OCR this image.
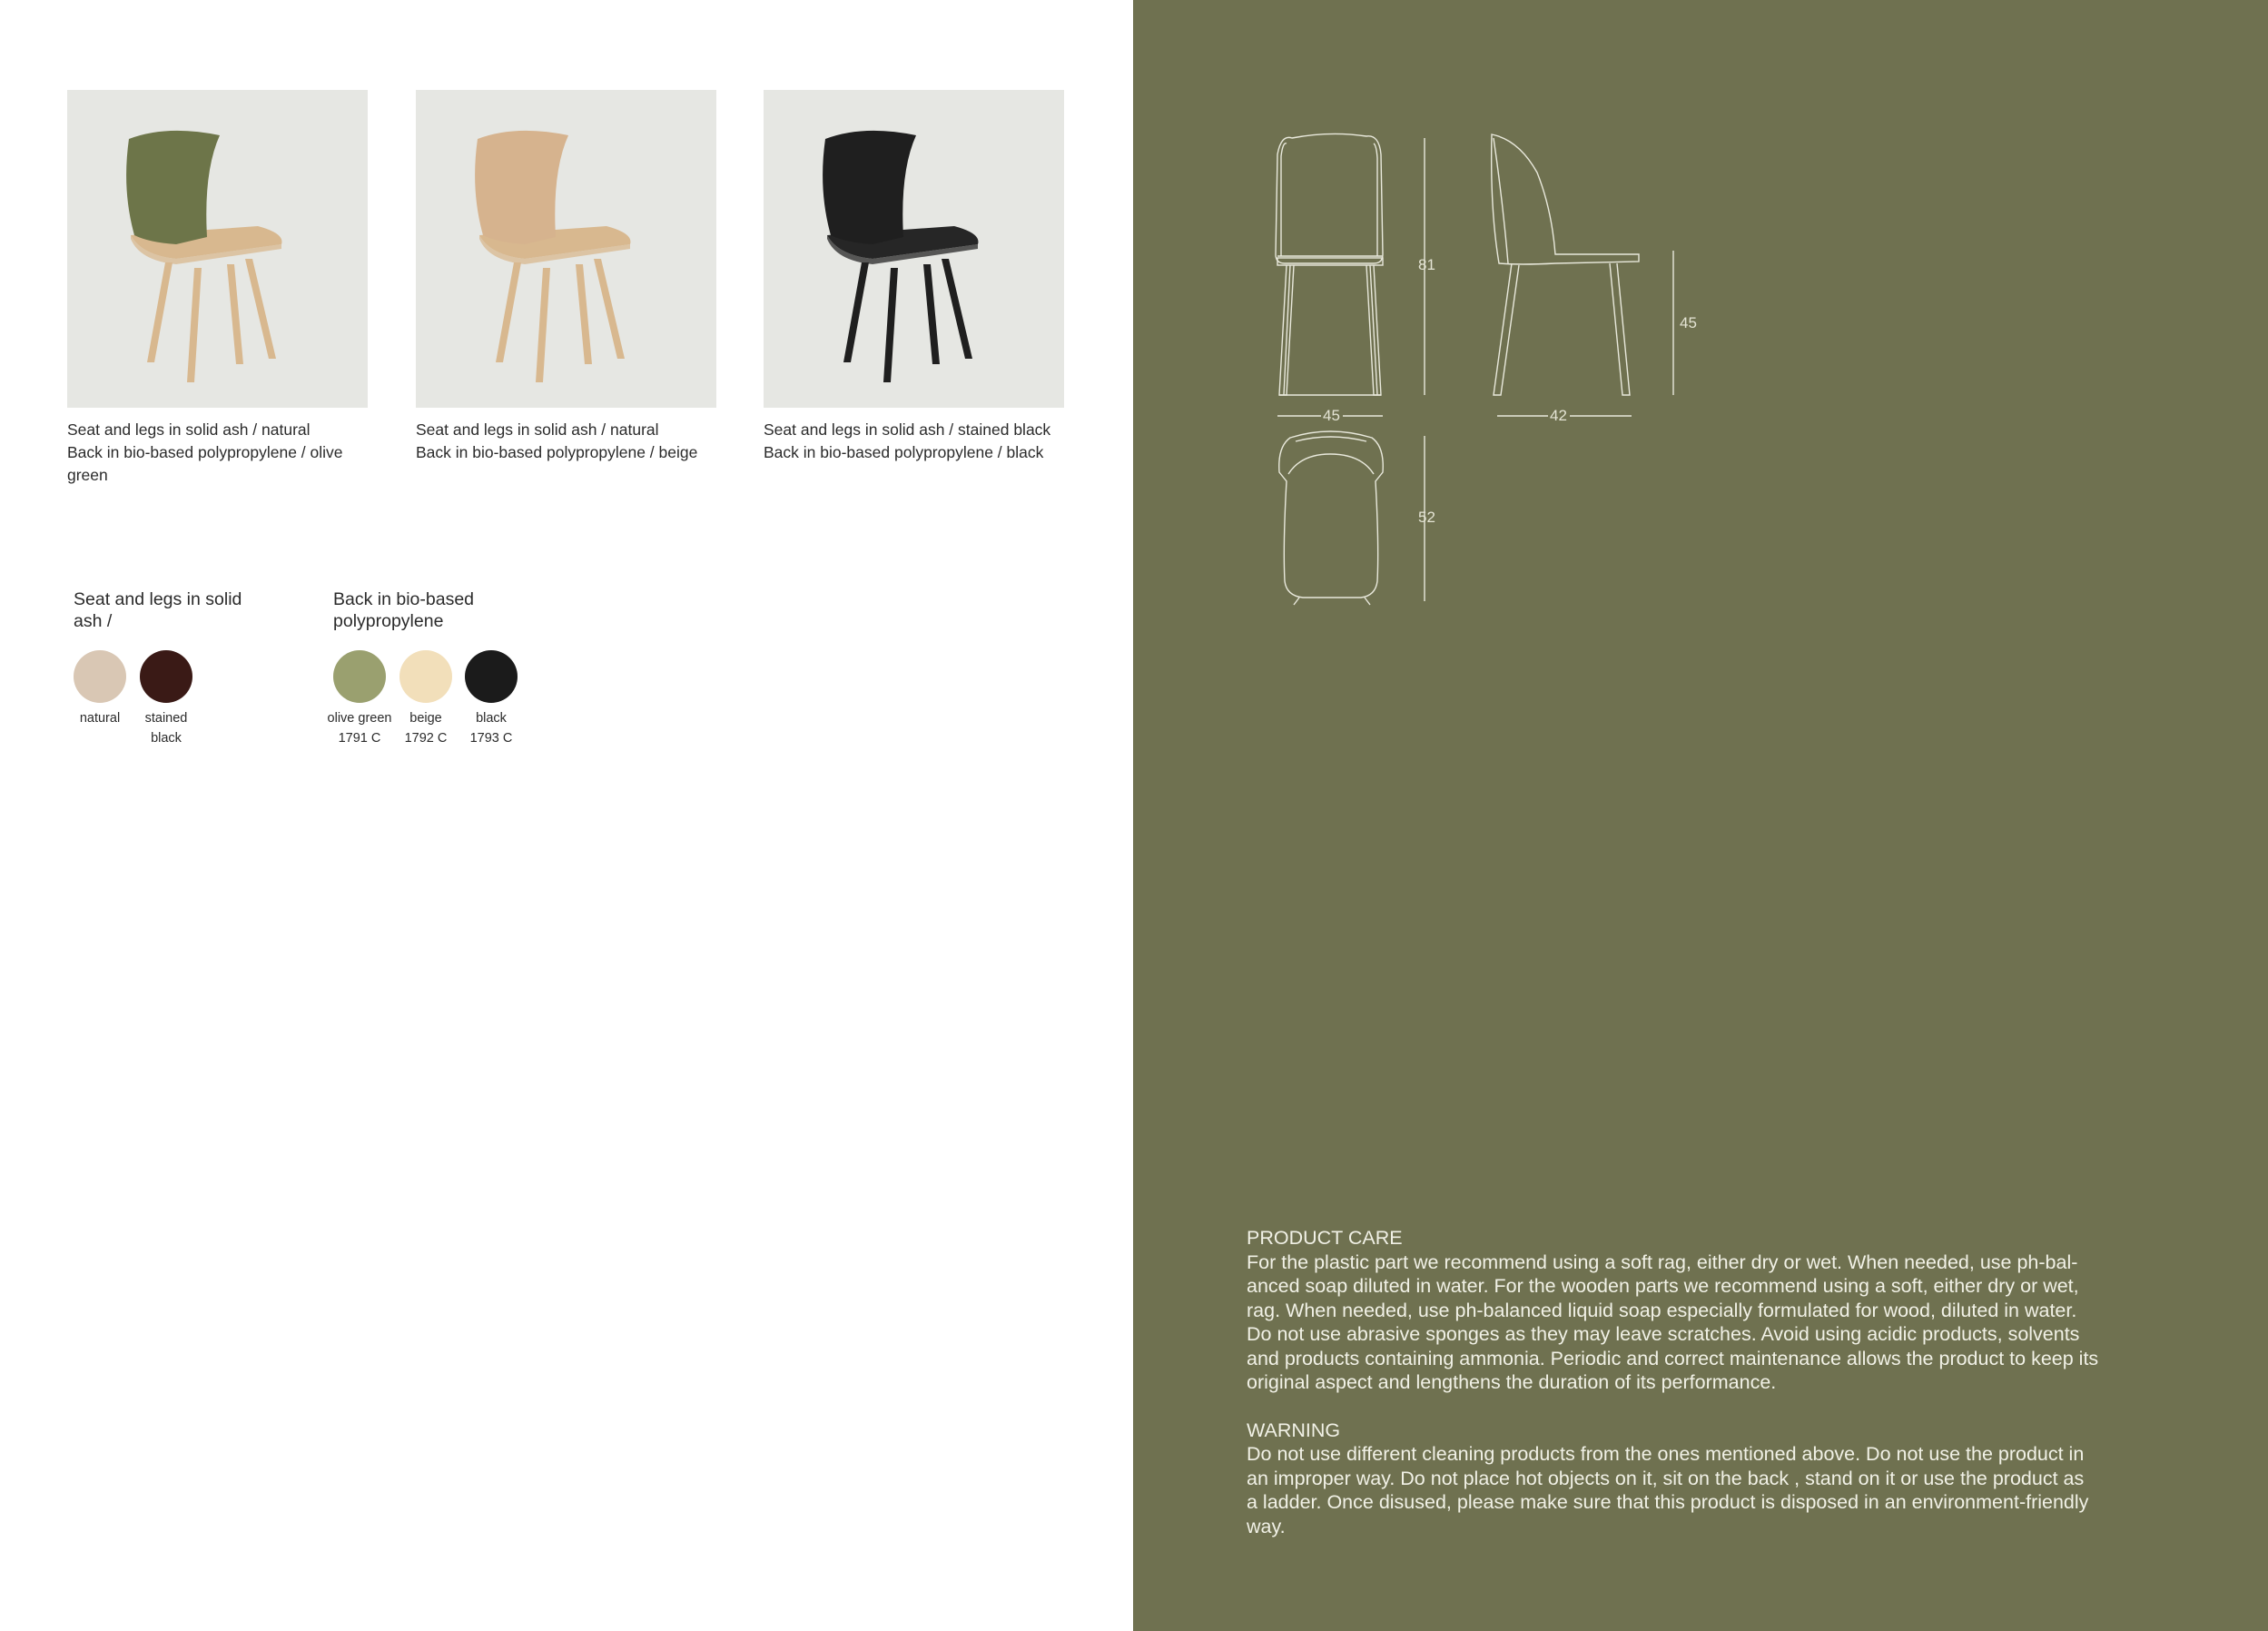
Seat and legs in solid ash / natural
Back in bio-based polypropylene / olive
green
Seat and legs in solid ash / natural
Back in bio-based polypropylene / beige
Seat and legs in solid ash / stained black
Back in bio-based polypropylene / black
Seat and legs in solid
ash /
natural	stained
black
Back in bio-based
polypropylene
olive green
1791 C
beige
1792 C
black
1793 C
81
45
45	42
52

PRODUCT CARE

For the plastic part we recommend using a soft rag, either dry or wet. When needed, use ph-bal-

anced soap diluted in water. For the wooden parts we recommend using a soft, either dry or wet,

rag. When needed, use ph-balanced liquid soap especially formulated for wood, diluted in water.

Do not use abrasive sponges as they may leave scratches. Avoid using acidic products, solvents

and products containing ammonia. Periodic and correct maintenance allows the product to keep its

original aspect and lengthens the duration of its performance.

WARNING

Do not use different cleaning products from the ones mentioned above. Do not use the product in

an improper way. Do not place hot objects on it, sit on the back , stand on it or use the product as

a ladder. Once disused, please make sure that this product is disposed in an environment-friendly

way.
